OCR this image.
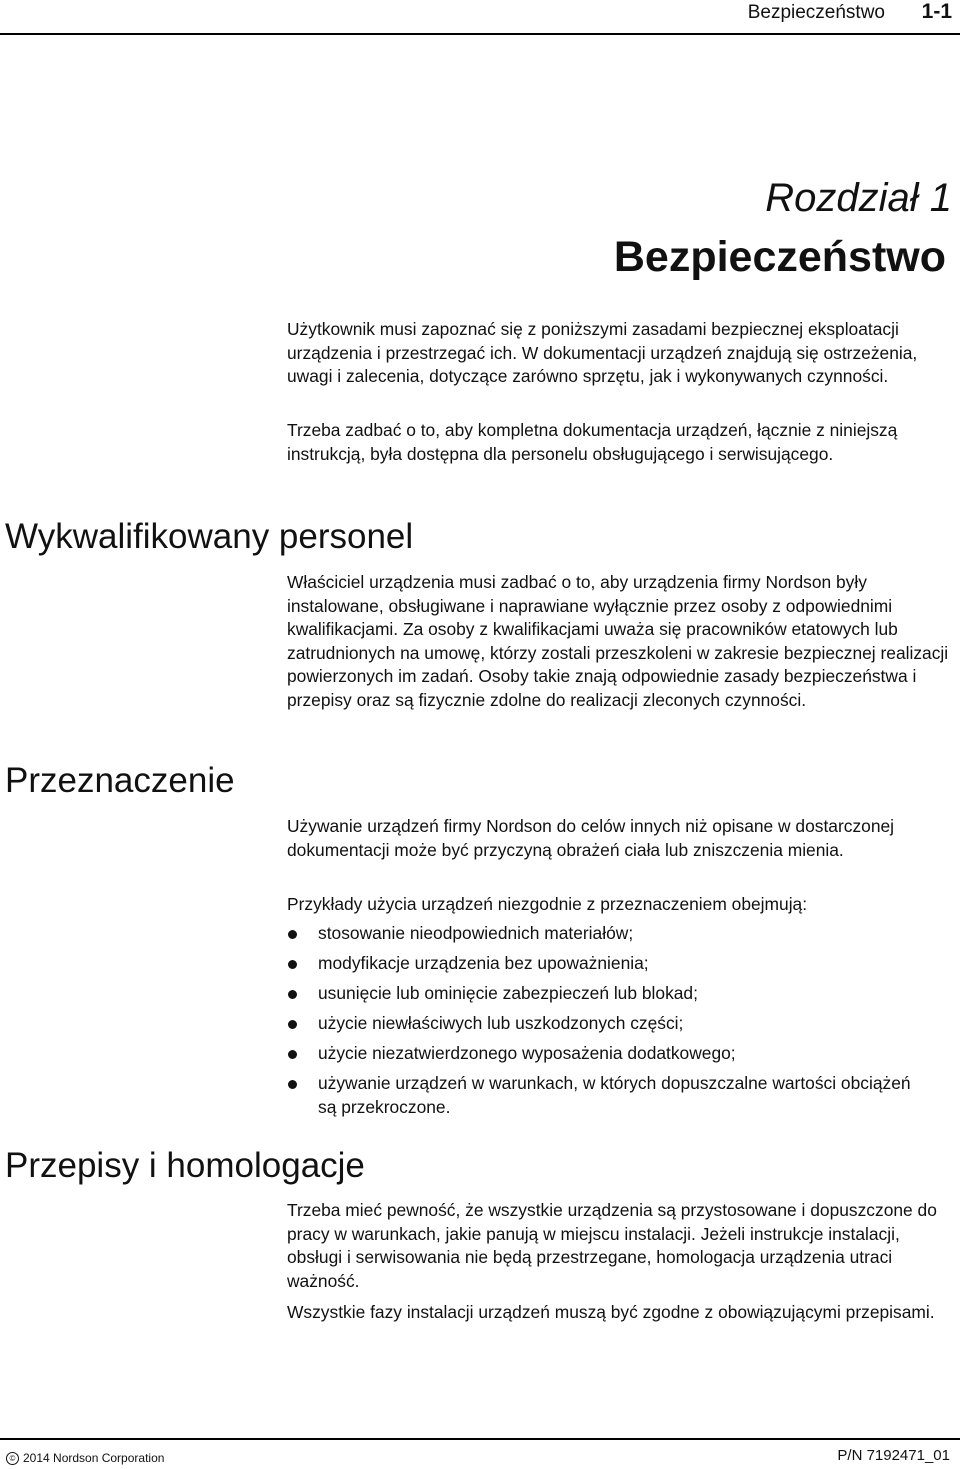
Bezpieczeństwo 1-1
Rozdział 1
Bezpieczeństwo

Użytkownik musi zapoznać się z poniższymi zasadami bezpiecznej eksploatacji urządzenia i przestrzegać ich. W dokumentacji urządzeń znajdują się ostrzeżenia, uwagi i zalecenia, dotyczące zarówno sprzętu, jak i wykonywanych czynności.

Trzeba zadbać o to, aby kompletna dokumentacja urządzeń, łącznie z niniejszą instrukcją, była dostępna dla personelu obsługującego i serwisującego.

Wykwalifikowany personel

Właściciel urządzenia musi zadbać o to, aby urządzenia firmy Nordson były instalowane, obsługiwane i naprawiane wyłącznie przez osoby z odpowiednimi kwalifikacjami. Za osoby z kwalifikacjami uważa się pracowników etatowych lub zatrudnionych na umowę, którzy zostali przeszkoleni w zakresie bezpiecznej realizacji powierzonych im zadań. Osoby takie znają odpowiednie zasady bezpieczeństwa i przepisy oraz są fizycznie zdolne do realizacji zleconych czynności.

Przeznaczenie

Używanie urządzeń firmy Nordson do celów innych niż opisane w dostarczonej dokumentacji może być przyczyną obrażeń ciała lub zniszczenia mienia.

Przykłady użycia urządzeń niezgodnie z przeznaczeniem obejmują:

stosowanie nieodpowiednich materiałów;
modyfikacje urządzenia bez upoważnienia;
usunięcie lub ominięcie zabezpieczeń lub blokad;
użycie niewłaściwych lub uszkodzonych części;
użycie niezatwierdzonego wyposażenia dodatkowego;
używanie urządzeń w warunkach, w których dopuszczalne wartości obciążeń są przekroczone.
Przepisy i homologacje

Trzeba mieć pewność, że wszystkie urządzenia są przystosowane i dopuszczone do pracy w warunkach, jakie panują w miejscu instalacji. Jeżeli instrukcje instalacji, obsługi i serwisowania nie będą przestrzegane, homologacja urządzenia utraci ważność.

Wszystkie fazy instalacji urządzeń muszą być zgodne z obowiązującymi przepisami.

© 2014 Nordson Corporation	P/N 7192471_01
